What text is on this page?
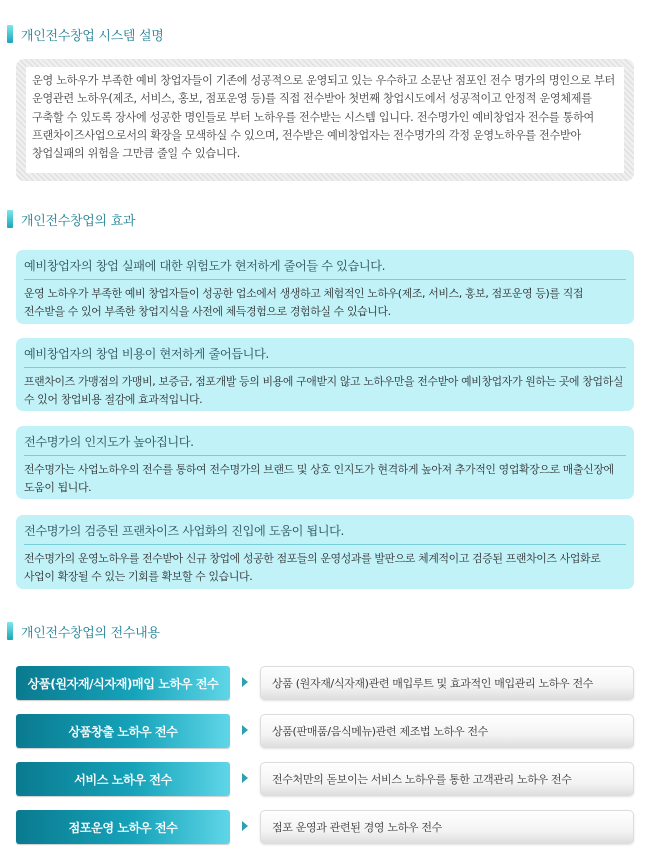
개인전수창업 시스템 설명
운영 노하우가 부족한 예비 창업자들이 기존에 성공적으로 운영되고 있는 우수하고 소문난 점포인 전수 명가의 명인으로 부터 운영관련 노하우(제조, 서비스, 홍보, 점포운영 등)를 직접 전수받아 첫번째 창업시도에서 성공적이고 안정적 운영체제를 구축할 수 있도록 장사에 성공한 명인들로 부터 노하우를 전수받는 시스템 입니다. 전수명가인 예비창업자 전수를 통하여 프랜차이즈사업으로서의 확장을 모색하실 수 있으며, 전수받은 예비창업자는 전수명가의 각정 운영노하우를 전수받아 창업실패의 위험을 그만큼 줄일 수 있습니다.
개인전수창업의 효과
예비창업자의 창업 실패에 대한 위험도가 현저하게 줄어들 수 있습니다.
운영 노하우가 부족한 예비 창업자들이 성공한 업소에서 생생하고 체험적인 노하우(제조, 서비스, 홍보, 점포운영 등)를 직접 전수받을 수 있어 부족한 창업지식을 사전에 체득경험으로 경험하실 수 있습니다.
예비창업자의 창업 비용이 현저하게 줄어듭니다.
프랜차이즈 가맹점의 가맹비, 보증금, 점포개발 등의 비용에 구애받지 않고 노하우만을 전수받아 예비창업자가 원하는 곳에 창업하실 수 있어 창업비용 절감에 효과적입니다.
전수명가의 인지도가 높아집니다.
전수명가는 사업노하우의 전수를 통하여 전수명가의 브랜드 및 상호 인지도가 현격하게 높아져 추가적인 영업확장으로 매출신장에 도움이 됩니다.
전수명가의 검증된 프랜차이즈 사업화의 진입에 도움이 됩니다.
전수명가의 운영노하우를 전수받아 신규 창업에 성공한 점포들의 운영성과를 발판으로 체계적이고 검증된 프랜차이즈 사업화로 사업이 확장될 수 있는 기회를 확보할 수 있습니다.
개인전수창업의 전수내용
상품(원자재/식자재)매입 노하우 전수	상품 (원자재/식자재)관련 매입루트 및 효과적인 매입관리 노하우 전수
상품창출 노하우 전수	상품(판매품/음식메뉴)관련 제조법 노하우 전수
서비스 노하우 전수	전수처만의 돋보이는 서비스 노하우를 통한 고객관리 노하우 전수
점포운영 노하우 전수	점포 운영과 관련된 경영 노하우 전수
